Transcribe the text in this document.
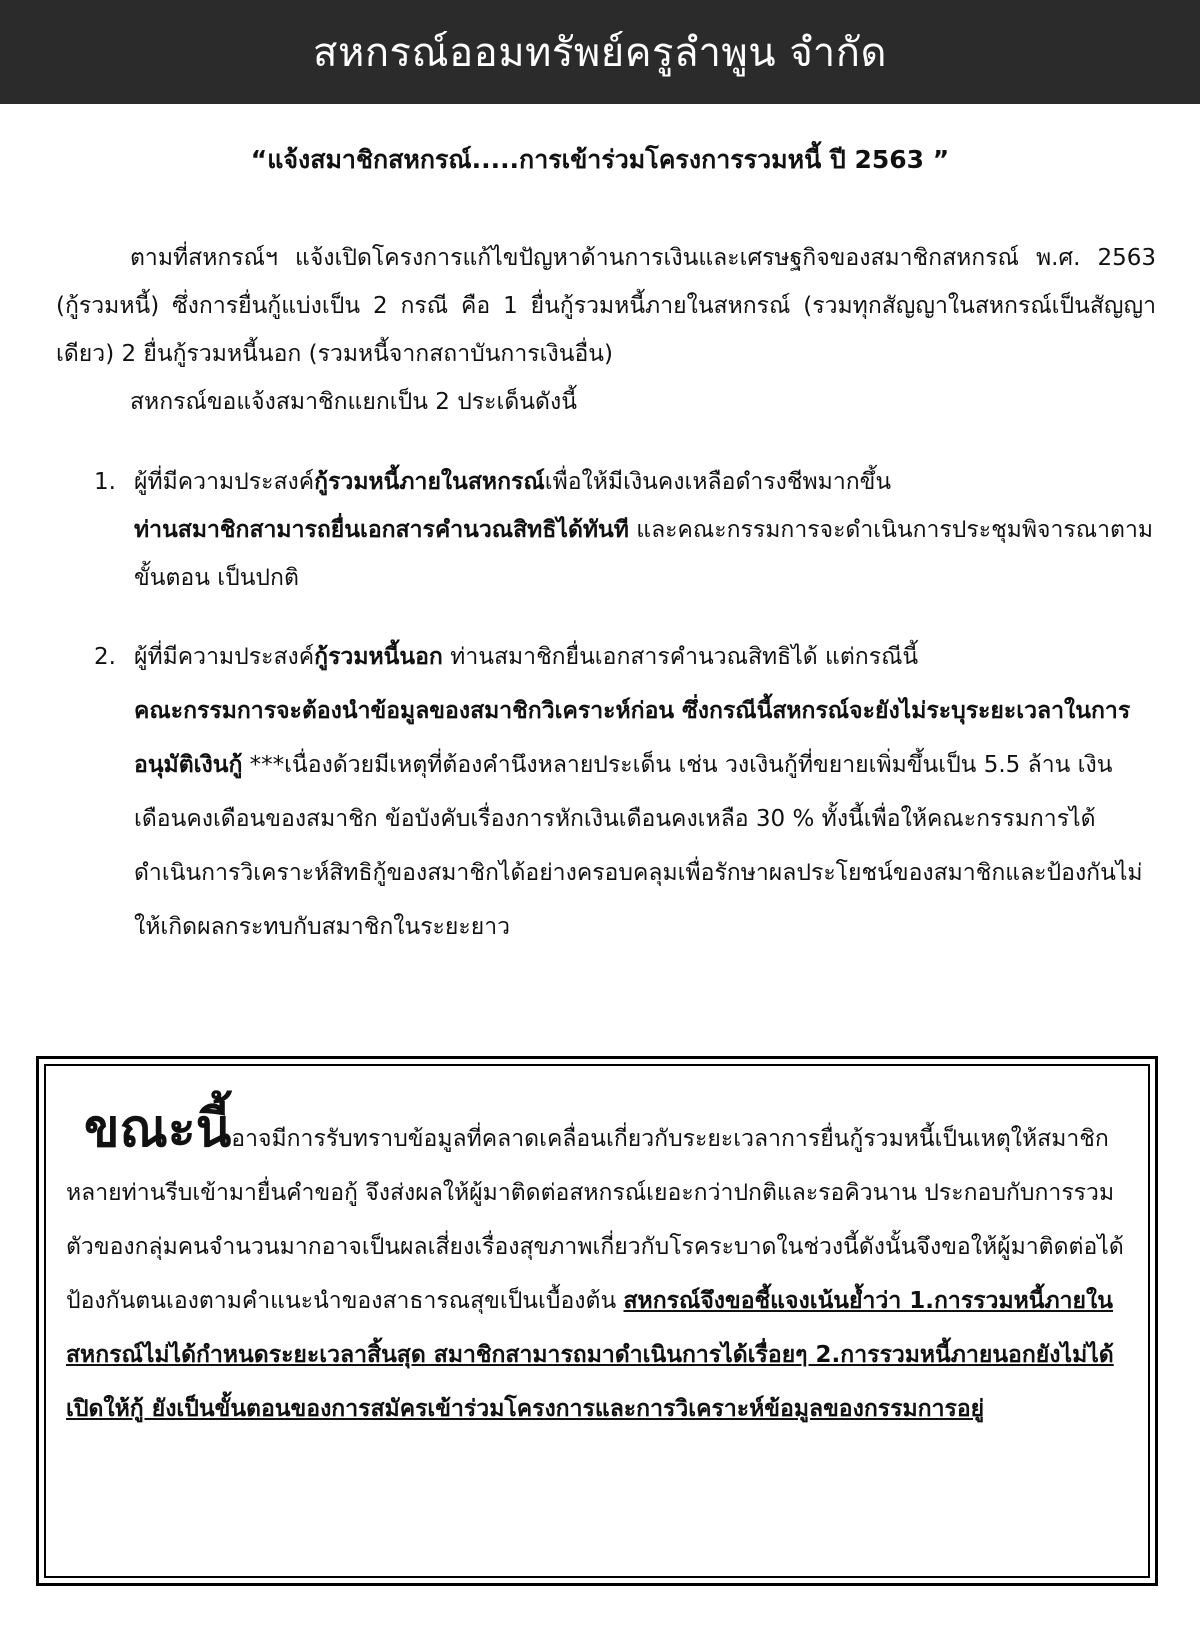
สหกรณ์ออมทรัพย์ครูลำพูน จำกัด
“แจ้งสมาชิกสหกรณ์.....การเข้าร่วมโครงการรวมหนี้ ปี 2563 ”

ตามที่สหกรณ์ฯ แจ้งเปิดโครงการแก้ไขปัญหาด้านการเงินและเศรษฐกิจของสมาชิกสหกรณ์ พ.ศ. 2563 (กู้รวมหนี้) ซึ่งการยื่นกู้แบ่งเป็น 2 กรณี คือ 1 ยื่นกู้รวมหนี้ภายในสหกรณ์ (รวมทุกสัญญาในสหกรณ์เป็นสัญญาเดียว) 2 ยื่นกู้รวมหนี้นอก (รวมหนี้จากสถาบันการเงินอื่น)

สหกรณ์ขอแจ้งสมาชิกแยกเป็น 2 ประเด็นดังนี้

1. ผู้ที่มีความประสงค์กู้รวมหนี้ภายในสหกรณ์เพื่อให้มีเงินคงเหลือดำรงชีพมากขึ้น
ท่านสมาชิกสามารถยื่นเอกสารคำนวณสิทธิได้ทันที และคณะกรรมการจะดำเนินการประชุมพิจารณาตามขั้นตอน เป็นปกติ
2. ผู้ที่มีความประสงค์กู้รวมหนี้นอก ท่านสมาชิกยื่นเอกสารคำนวณสิทธิได้ แต่กรณีนี้
คณะกรรมการจะต้องนำข้อมูลของสมาชิกวิเคราะห์ก่อน ซึ่งกรณีนี้สหกรณ์จะยังไม่ระบุระยะเวลาในการอนุมัติเงินกู้ ***เนื่องด้วยมีเหตุที่ต้องคำนึงหลายประเด็น เช่น วงเงินกู้ที่ขยายเพิ่มขึ้นเป็น 5.5 ล้าน เงินเดือนคงเดือนของสมาชิก ข้อบังคับเรื่องการหักเงินเดือนคงเหลือ 30 % ทั้งนี้เพื่อให้คณะกรรมการได้ดำเนินการวิเคราะห์สิทธิกู้ของสมาชิกได้อย่างครอบคลุมเพื่อรักษาผลประโยชน์ของสมาชิกและป้องกันไม่ให้เกิดผลกระทบกับสมาชิกในระยะยาว

ขณะนี้อาจมีการรับทราบข้อมูลที่คลาดเคลื่อนเกี่ยวกับระยะเวลาการยื่นกู้รวมหนี้เป็นเหตุให้สมาชิกหลายท่านรีบเข้ามายื่นคำขอกู้ จึงส่งผลให้ผู้มาติดต่อสหกรณ์เยอะกว่าปกติและรอคิวนาน ประกอบกับการรวมตัวของกลุ่มคนจำนวนมากอาจเป็นผลเสี่ยงเรื่องสุขภาพเกี่ยวกับโรคระบาดในช่วงนี้ดังนั้นจึงขอให้ผู้มาติดต่อได้ป้องกันตนเองตามคำแนะนำของสาธารณสุขเป็นเบื้องต้น สหกรณ์จึงขอชี้แจงเน้นย้ำว่า 1.การรวมหนี้ภายในสหกรณ์ไม่ได้กำหนดระยะเวลาสิ้นสุด สมาชิกสามารถมาดำเนินการได้เรื่อยๆ 2.การรวมหนี้ภายนอกยังไม่ได้เปิดให้กู้ ยังเป็นขั้นตอนของการสมัครเข้าร่วมโครงการและการวิเคราะห์ข้อมูลของกรรมการอยู่
